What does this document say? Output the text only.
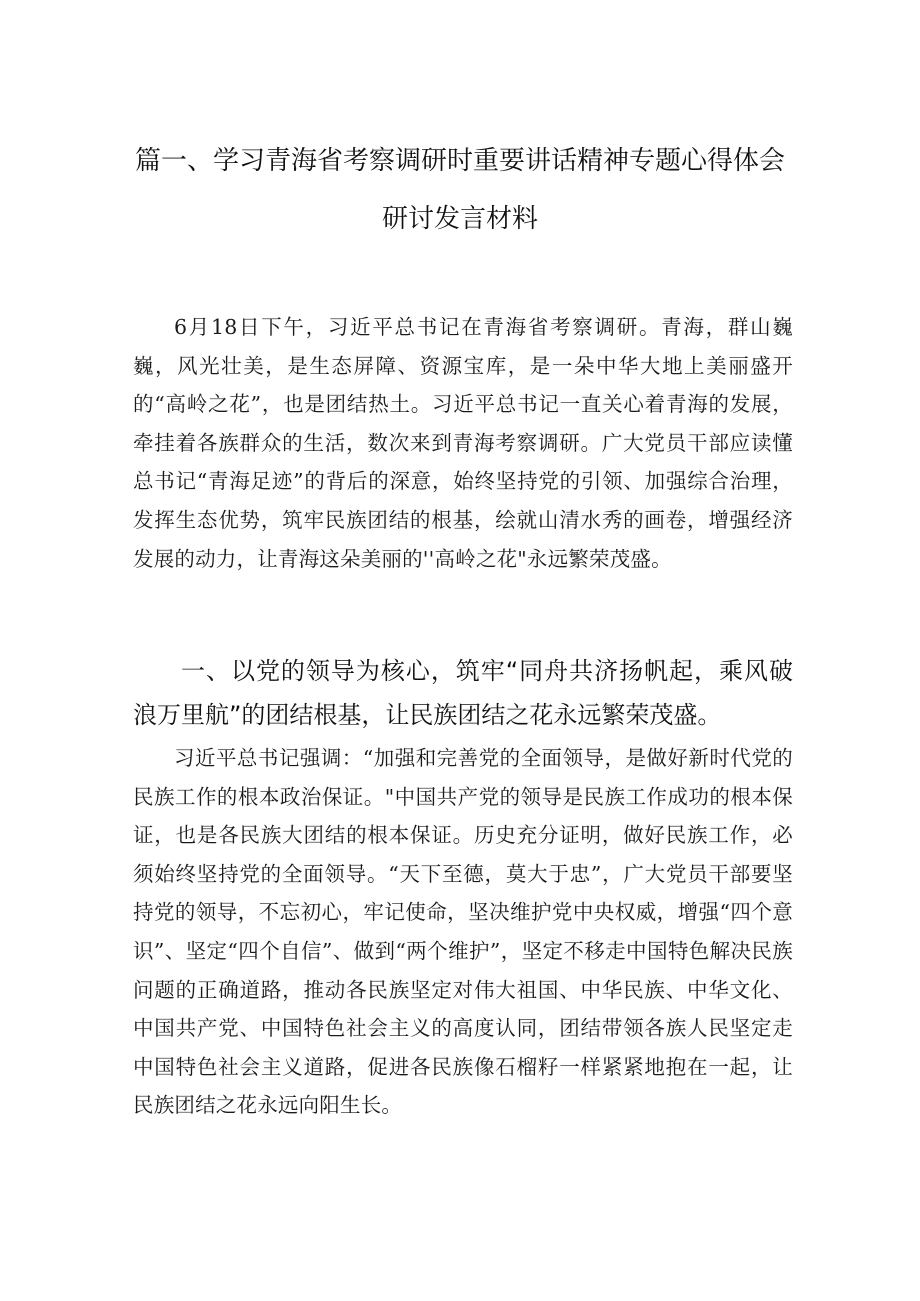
篇一、学习青海省考察调研时重要讲话精神专题心得体会
研讨发言材料

6月18日下午，习近平总书记在青海省考察调研。青海，群山巍巍，风光壮美，是生态屏障、资源宝库，是一朵中华大地上美丽盛开的“高岭之花”，也是团结热土。习近平总书记一直关心着青海的发展，牵挂着各族群众的生活，数次来到青海考察调研。广大党员干部应读懂总书记“青海足迹”的背后的深意，始终坚持党的引领、加强综合治理，发挥生态优势，筑牢民族团结的根基，绘就山清水秀的画卷，增强经济发展的动力，让青海这朵美丽的''高岭之花"永远繁荣茂盛。

一、以党的领导为核心，筑牢“同舟共济扬帆起，乘风破浪万里航”的团结根基，让民族团结之花永远繁荣茂盛。

习近平总书记强调：“加强和完善党的全面领导，是做好新时代党的民族工作的根本政治保证。"中国共产党的领导是民族工作成功的根本保证，也是各民族大团结的根本保证。历史充分证明，做好民族工作，必须始终坚持党的全面领导。“天下至德，莫大于忠”，广大党员干部要坚持党的领导，不忘初心，牢记使命，坚决维护党中央权威，增强“四个意识”、坚定“四个自信”、做到“两个维护”，坚定不移走中国特色解决民族问题的正确道路，推动各民族坚定对伟大祖国、中华民族、中华文化、中国共产党、中国特色社会主义的高度认同，团结带领各族人民坚定走中国特色社会主义道路，促进各民族像石榴籽一样紧紧地抱在一起，让民族团结之花永远向阳生长。
